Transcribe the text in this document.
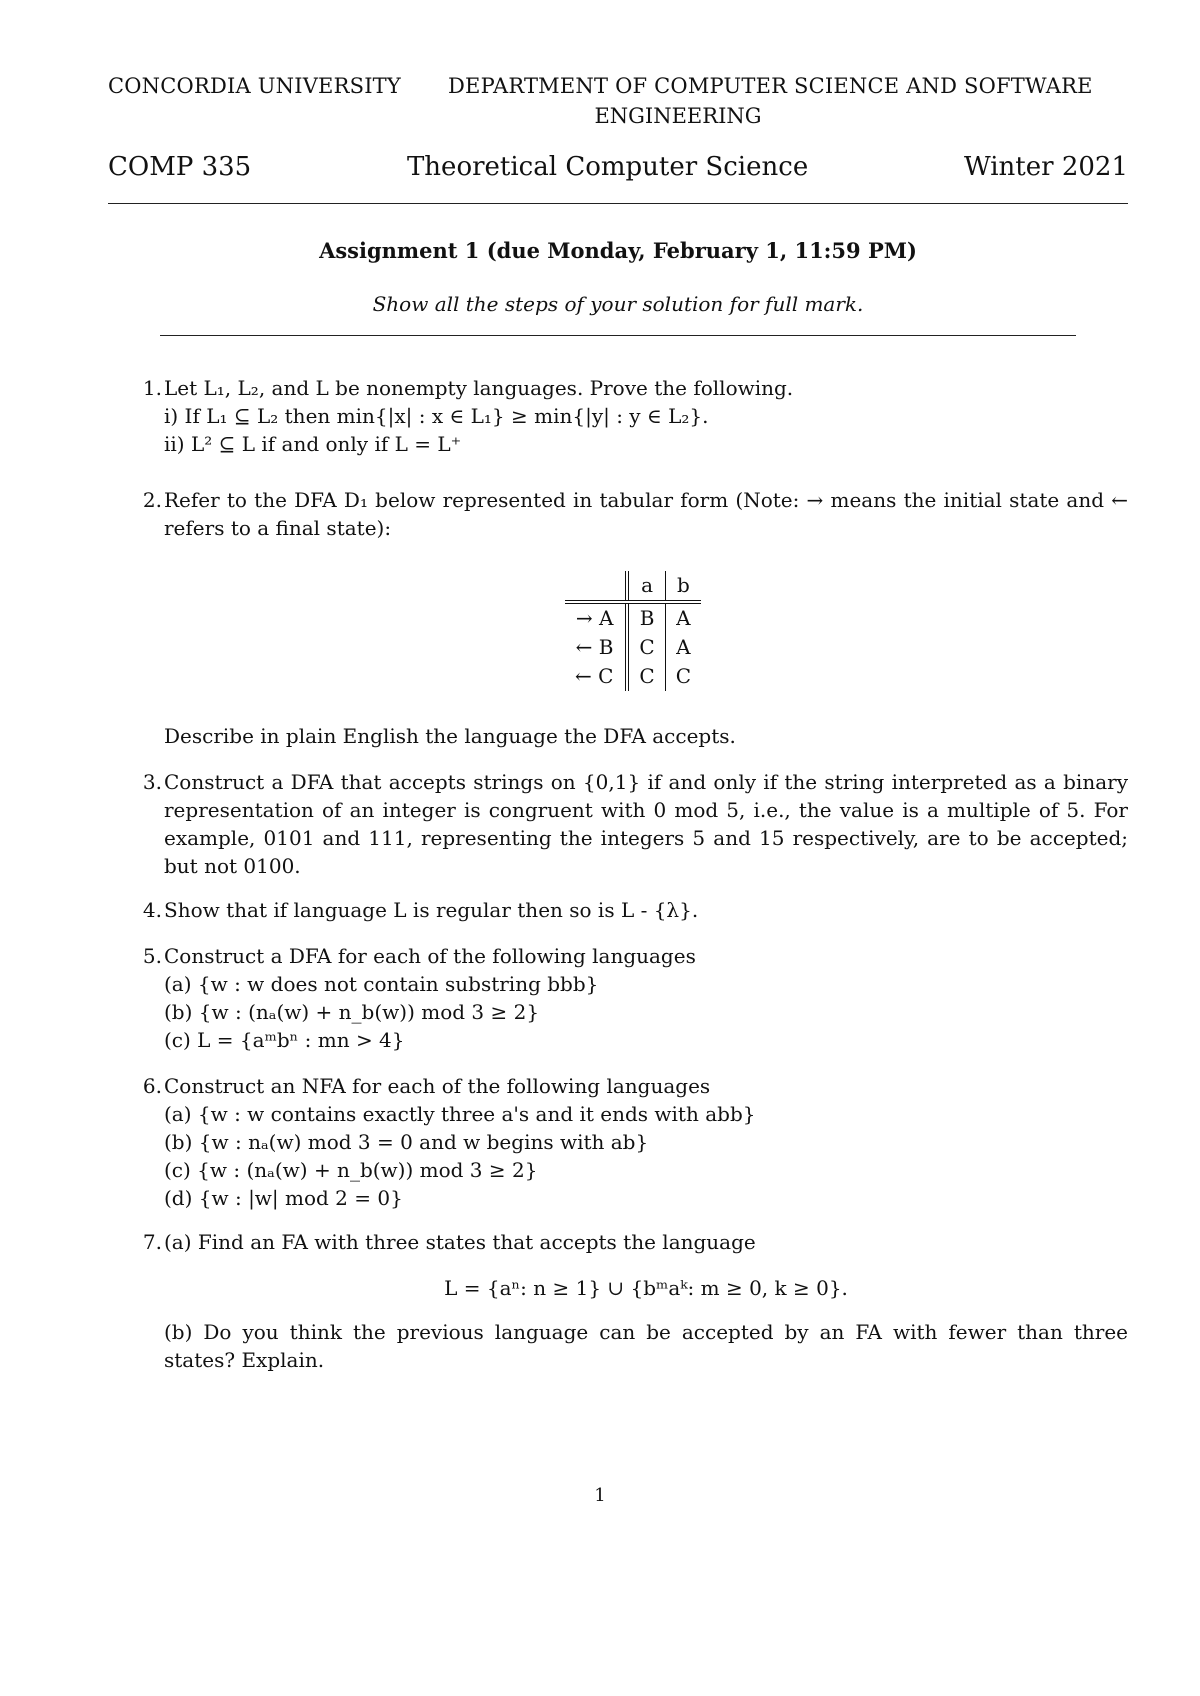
CONCORDIA UNIVERSITY DEPARTMENT OF COMPUTER SCIENCE AND SOFTWARE
ENGINEERING
COMP 335	Theoretical Computer Science	Winter 2021
Assignment 1 (due Monday, February 1, 11:59 PM)
Show all the steps of your solution for full mark.
1. Let L₁, L₂, and L be nonempty languages. Prove the following.
i) If L₁ ⊆ L₂ then min{|x| : x ∈ L₁} ≥ min{|y| : y ∈ L₂}.
ii) L² ⊆ L if and only if L = L⁺
2. Refer to the DFA D₁ below represented in tabular form (Note: → means the initial state and ← refers to a final state):
	a	b
→ A	B	A
← B	C	A
← C	C	C
Describe in plain English the language the DFA accepts.
3. Construct a DFA that accepts strings on {0,1} if and only if the string interpreted as a binary representation of an integer is congruent with 0 mod 5, i.e., the value is a multiple of 5. For example, 0101 and 111, representing the integers 5 and 15 respectively, are to be accepted; but not 0100.
4. Show that if language L is regular then so is L - {λ}.
5. Construct a DFA for each of the following languages
(a) {w : w does not contain substring bbb}
(b) {w : (nₐ(w) + n_b(w)) mod 3 ≥ 2}
(c) L = {aᵐbⁿ : mn > 4}
6. Construct an NFA for each of the following languages
(a) {w : w contains exactly three a's and it ends with abb}
(b) {w : nₐ(w) mod 3 = 0 and w begins with ab}
(c) {w : (nₐ(w) + n_b(w)) mod 3 ≥ 2}
(d) {w : |w| mod 2 = 0}
7. (a) Find an FA with three states that accepts the language
L = {aⁿ: n ≥ 1} ∪ {bᵐaᵏ: m ≥ 0, k ≥ 0}.
(b) Do you think the previous language can be accepted by an FA with fewer than three states? Explain.
1
